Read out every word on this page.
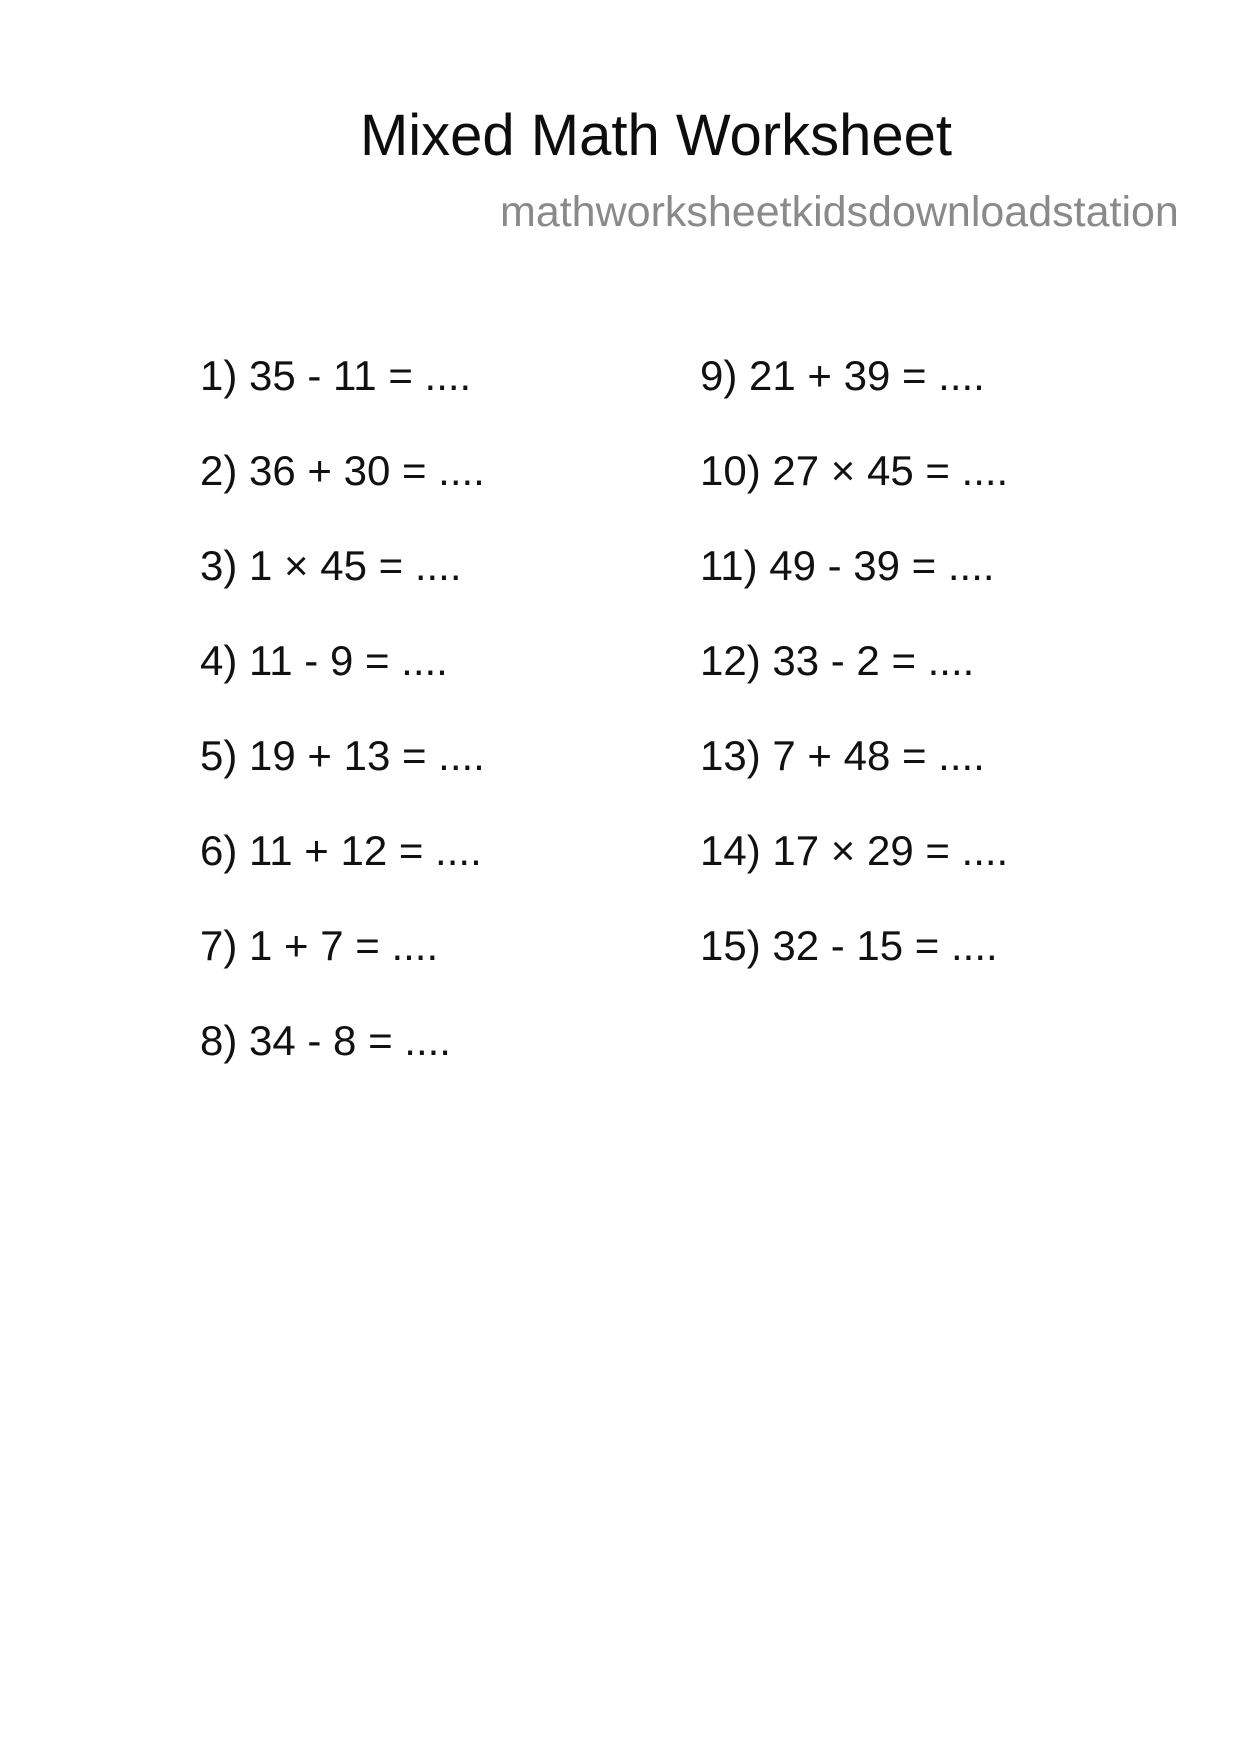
Mixed Math Worksheet
mathworksheetkidsdownloadstation
1) 35 - 11 = ....
2) 36 + 30 = ....
3) 1 × 45 = ....
4) 11 - 9 = ....
5) 19 + 13 = ....
6) 11 + 12 = ....
7) 1 + 7 = ....
8) 34 - 8 = ....
9) 21 + 39 = ....
10) 27 × 45 = ....
11) 49 - 39 = ....
12) 33 - 2 = ....
13) 7 + 48 = ....
14) 17 × 29 = ....
15) 32 - 15 = ....
